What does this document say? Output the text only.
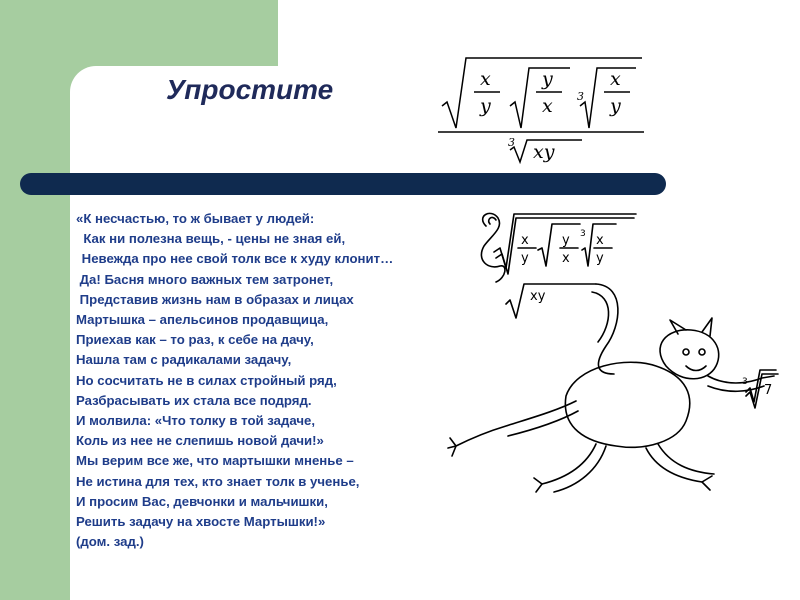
Упростите	x
y
y
x
x
y
3
xy
3
«К несчастью, то ж бывает у людей:
Как ни полезна вещь, - цены не зная ей,
Невежда про нее свой толк все к худу клонит…
Да! Басня много важных тем затронет,
Представив жизнь нам в образах и лицах
Мартышка – апельсинов продавщица,
Приехав как – то раз, к себе на дачу,
Нашла там с радикалами задачу,
Но сосчитать не в силах стройный ряд,
Разбрасывать их стала все подряд.
И молвила: «Что толку в той задаче,
Коль из нее не слепишь новой дачи!»
Мы верим все же, что мартышки мненье –
Не истина для тех, кто знает толк в ученье,
И просим Вас, девчонки и мальчишки,
Решить задачу на хвосте Мартышки!»
(дом. зад.)
x
y
y
x
x
y
3
xy
3
7
